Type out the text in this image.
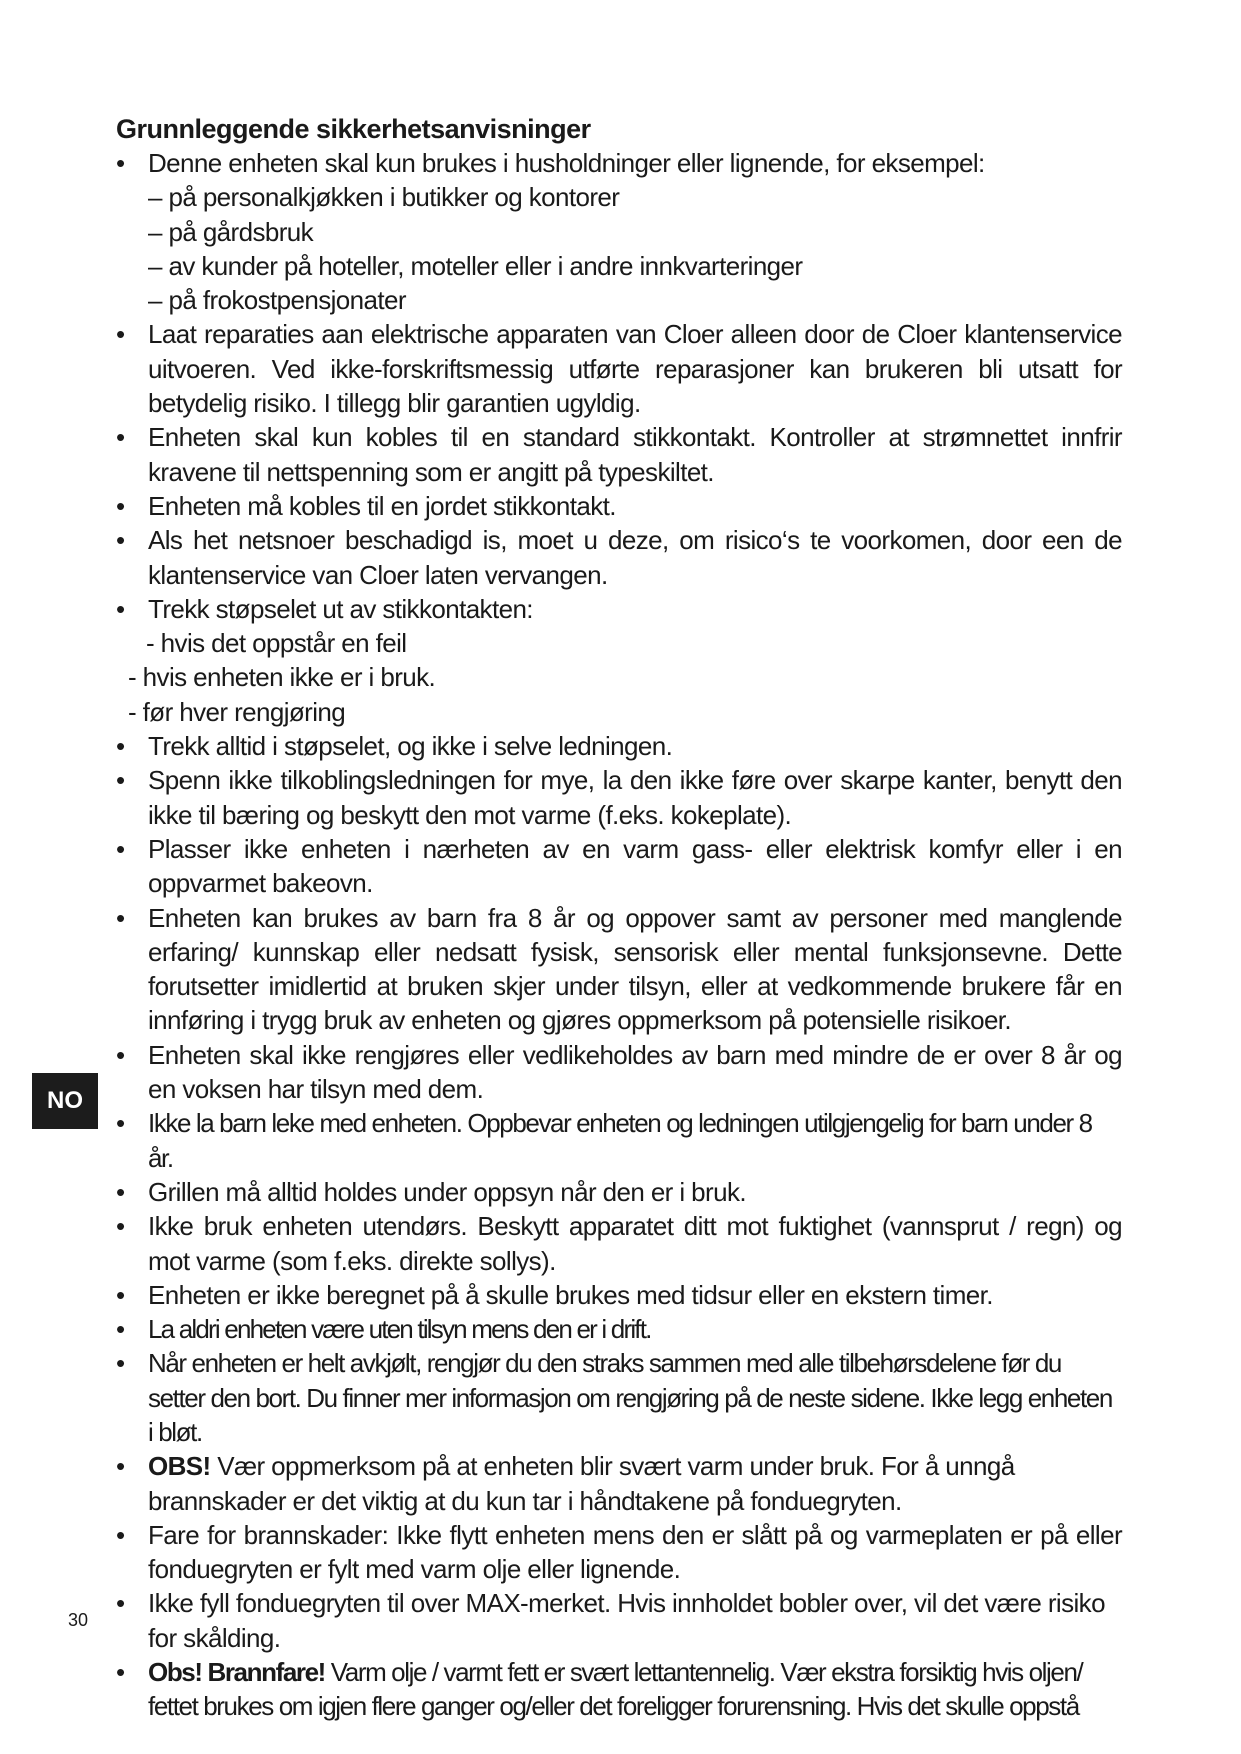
Grunnleggende sikkerhetsanvisninger

• Denne enheten skal kun brukes i husholdninger eller lignende, for eksempel:

– på personalkjøkken i butikker og kontorer

– på gårdsbruk

– av kunder på hoteller, moteller eller i andre innkvarteringer

– på frokostpensjonater

• Laat reparaties aan elektrische apparaten van Cloer alleen door de Cloer klantenservice uitvoeren. Ved ikke-forskriftsmessig utførte reparasjoner kan brukeren bli utsatt for betydelig risiko. I tillegg blir garantien ugyldig.

• Enheten skal kun kobles til en standard stikkontakt. Kontroller at strømnettet innfrir kravene til nettspenning som er angitt på typeskiltet.

• Enheten må kobles til en jordet stikkontakt.

• Als het netsnoer beschadigd is, moet u deze, om risico‘s te voorkomen, door een de klantenservice van Cloer laten vervangen.

• Trekk støpselet ut av stikkontakten:

- hvis det oppstår en feil

- hvis enheten ikke er i bruk.

- før hver rengjøring

• Trekk alltid i støpselet, og ikke i selve ledningen.

• Spenn ikke tilkoblingsledningen for mye, la den ikke føre over skarpe kanter, benytt den ikke til bæring og beskytt den mot varme (f.eks. kokeplate).

• Plasser ikke enheten i nærheten av en varm gass- eller elektrisk komfyr eller i en oppvarmet bakeovn.

• Enheten kan brukes av barn fra 8 år og oppover samt av personer med manglende erfaring/ kunnskap eller nedsatt fysisk, sensorisk eller mental funksjonsevne. Dette forutsetter imidlertid at bruken skjer under tilsyn, eller at vedkommende brukere får en innføring i trygg bruk av enheten og gjøres oppmerksom på potensielle risikoer.

• Enheten skal ikke rengjøres eller vedlikeholdes av barn med mindre de er over 8 år og en voksen har tilsyn med dem.

• Ikke la barn leke med enheten. Oppbevar enheten og ledningen utilgjengelig for barn under 8 år.

• Grillen må alltid holdes under oppsyn når den er i bruk.

• Ikke bruk enheten utendørs. Beskytt apparatet ditt mot fuktighet (vannsprut / regn) og mot varme (som f.eks. direkte sollys).

• Enheten er ikke beregnet på å skulle brukes med tidsur eller en ekstern timer.

• La aldri enheten være uten tilsyn mens den er i drift.

• Når enheten er helt avkjølt, rengjør du den straks sammen med alle tilbehørsdelene før du setter den bort. Du finner mer informasjon om rengjøring på de neste sidene. Ikke legg enheten i bløt.

• OBS! Vær oppmerksom på at enheten blir svært varm under bruk. For å unngå brannskader er det viktig at du kun tar i håndtakene på fonduegryten.

• Fare for brannskader: Ikke flytt enheten mens den er slått på og varmeplaten er på eller fonduegryten er fylt med varm olje eller lignende.

• Ikke fyll fonduegryten til over MAX-merket. Hvis innholdet bobler over, vil det være risiko for skålding.

• Obs! Brannfare! Varm olje / varmt fett er svært lettantennelig. Vær ekstra forsiktig hvis oljen/ fettet brukes om igjen flere ganger og/eller det foreligger forurensning. Hvis det skulle oppstå

NO
30
